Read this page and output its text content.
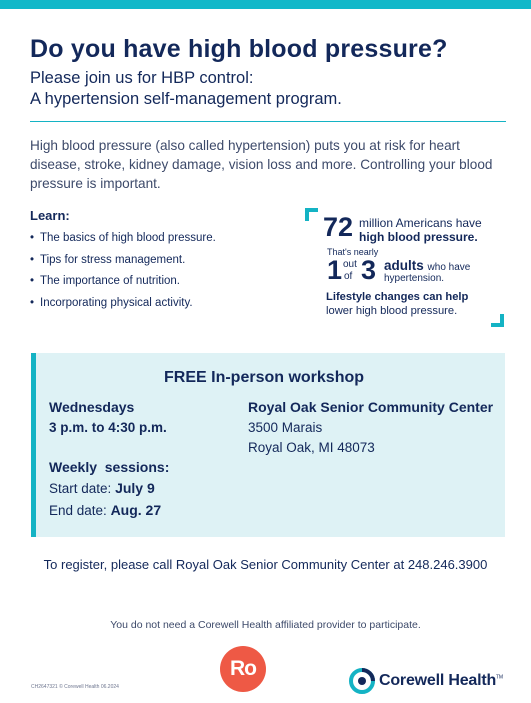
Do you have high blood pressure?
Please join us for HBP control:
A hypertension self-management program.

High blood pressure (also called hypertension) puts you at risk for heart disease, stroke, kidney damage, vision loss and more. Controlling your blood pressure is important.

Learn:
• The basics of high blood pressure.
• Tips for stress management.
• The importance of nutrition.
• Incorporating physical activity.
72 million Americans have
high blood pressure.
That's nearly
1 out
of 3 adults who have
hypertension.
Lifestyle changes can help
lower high blood pressure.
FREE In-person workshop
Wednesdays
3 p.m. to 4:30 p.m.
Royal Oak Senior Community Center
3500 Marais
Royal Oak, MI 48073
Weekly  sessions:
Start date: July 9
End date: Aug. 27
To register, please call Royal Oak Senior Community Center at 248.246.3900
You do not need a Corewell Health affiliated provider to participate.
CH2647321 © Corewell Health 06.2024
Ro
Corewell Health™
